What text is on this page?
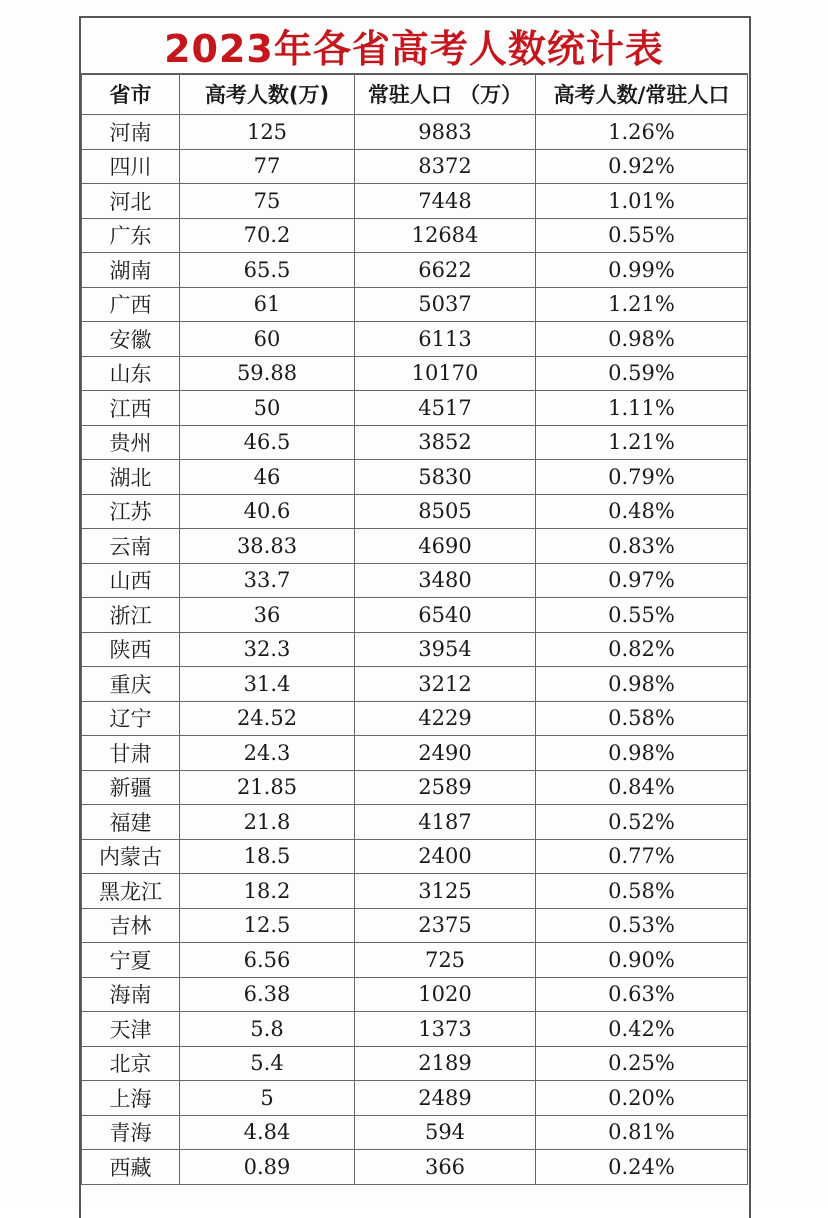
2023年各省高考人数统计表
省市	高考人数(万)	常驻人口 （万）	高考人数/常驻人口
河南	125	9883	1.26%
四川	77	8372	0.92%
河北	75	7448	1.01%
广东	70.2	12684	0.55%
湖南	65.5	6622	0.99%
广西	61	5037	1.21%
安徽	60	6113	0.98%
山东	59.88	10170	0.59%
江西	50	4517	1.11%
贵州	46.5	3852	1.21%
湖北	46	5830	0.79%
江苏	40.6	8505	0.48%
云南	38.83	4690	0.83%
山西	33.7	3480	0.97%
浙江	36	6540	0.55%
陕西	32.3	3954	0.82%
重庆	31.4	3212	0.98%
辽宁	24.52	4229	0.58%
甘肃	24.3	2490	0.98%
新疆	21.85	2589	0.84%
福建	21.8	4187	0.52%
内蒙古	18.5	2400	0.77%
黑龙江	18.2	3125	0.58%
吉林	12.5	2375	0.53%
宁夏	6.56	725	0.90%
海南	6.38	1020	0.63%
天津	5.8	1373	0.42%
北京	5.4	2189	0.25%
上海	5	2489	0.20%
青海	4.84	594	0.81%
西藏	0.89	366	0.24%
